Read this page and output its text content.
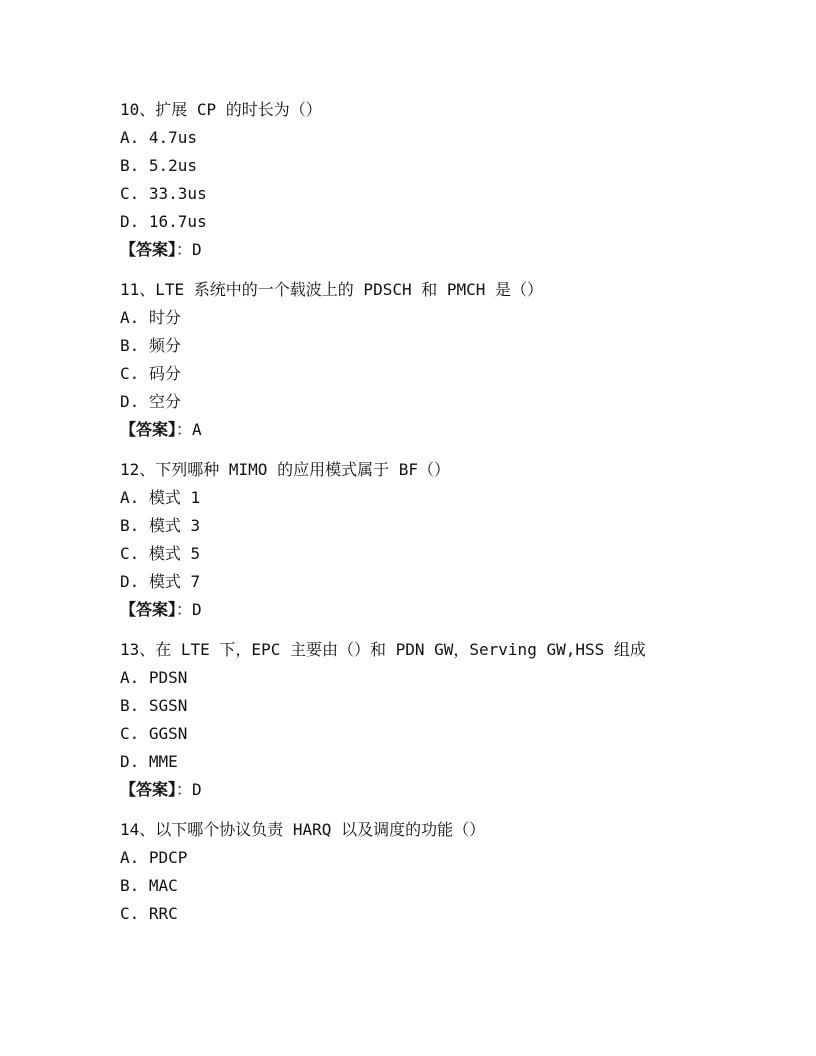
10、扩展 CP 的时长为（）
A. 4.7us
B. 5.2us
C. 33.3us
D. 16.7us
【答案】：D
11、LTE 系统中的一个载波上的 PDSCH 和 PMCH 是（）
A. 时分
B. 频分
C. 码分
D. 空分
【答案】：A
12、下列哪种 MIMO 的应用模式属于 BF（）
A. 模式 1
B. 模式 3
C. 模式 5
D. 模式 7
【答案】：D
13、在 LTE 下，EPC 主要由（）和 PDN GW，Serving GW,HSS 组成
A. PDSN
B. SGSN
C. GGSN
D. MME
【答案】：D
14、以下哪个协议负责 HARQ 以及调度的功能（）
A. PDCP
B. MAC
C. RRC
